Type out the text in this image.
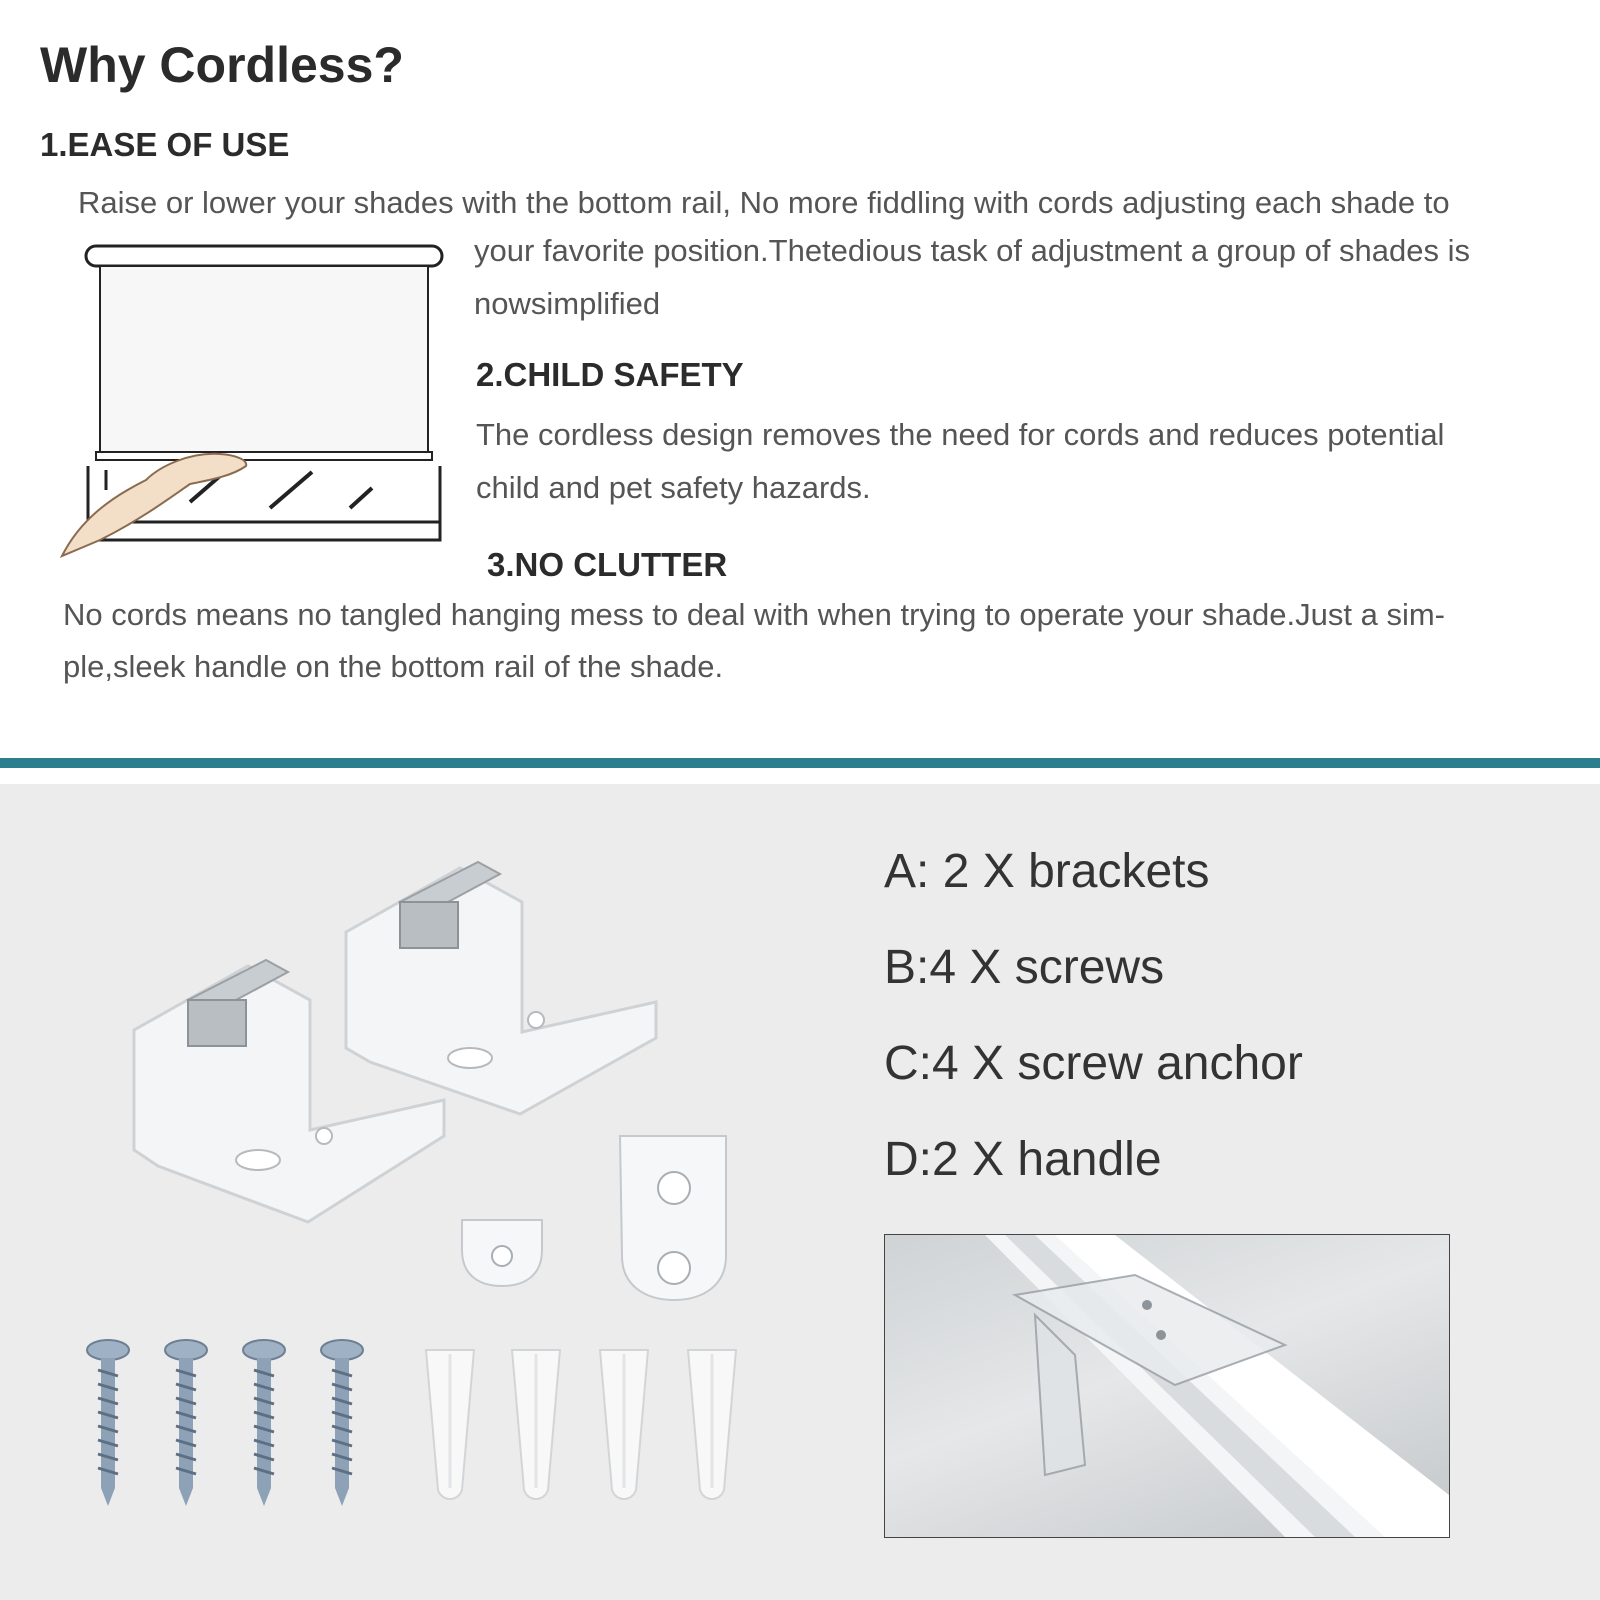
Why Cordless?
1.EASE OF USE

Raise or lower your shades with the bottom rail, No more fiddling with cords adjusting each shade to

your favorite position.Thetedious task of adjustment a group of shades is

nowsimplified

2.CHILD SAFETY

The cordless design removes the need for cords and reduces potential

child and pet safety hazards.

3.NO CLUTTER

No cords means no tangled hanging mess to deal with when trying to operate your shade.Just a sim-

ple,sleek handle on the bottom rail of the shade.

A: 2 X brackets
B:4 X screws
C:4 X screw anchor
D:2 X handle
